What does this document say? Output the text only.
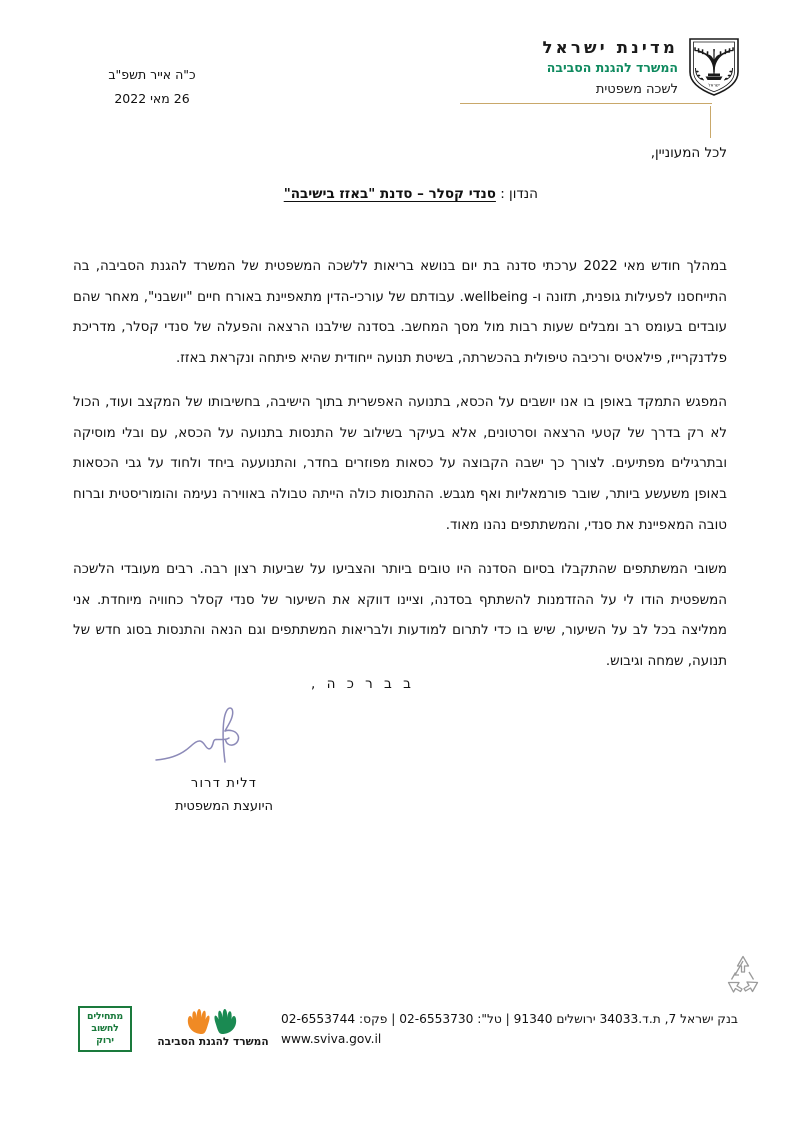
ישראל
מדינת ישראל
המשרד להגנת הסביבה
לשכה משפטית
כ"ה אייר תשפ"ב
26 מאי 2022
לכל המעוניין,
הנדון : סנדי קסלר – סדנת "באזז בישיבה"

במהלך חודש מאי 2022 ערכתי סדנה בת יום בנושא בריאות ללשכה המשפטית של המשרד להגנת הסביבה, בה התייחסנו לפעילות גופנית, תזונה ו- wellbeing. עבודתם של עורכי-הדין מתאפיינת באורח חיים "יושבני", מאחר שהם עובדים בעומס רב ומבלים שעות רבות מול מסך המחשב. בסדנה שילבנו הרצאה והפעלה של סנדי קסלר, מדריכת פלדנקרייז, פילאטיס ורכיבה טיפולית בהכשרתה, בשיטת תנועה ייחודית שהיא פיתחה ונקראת באזז.

המפגש התמקד באופן בו אנו יושבים על הכסא, בתנועה האפשרית בתוך הישיבה, בחשיבותו של המקצב ועוד, הכול לא רק בדרך של קטעי הרצאה וסרטונים, אלא בעיקר בשילוב של התנסות בתנועה על הכסא, עם ובלי מוסיקה ובתרגילים מפתיעים. לצורך כך ישבה הקבוצה על כסאות מפוזרים בחדר, והתנועעה ביחד ולחוד על גבי הכסאות באופן משעשע ביותר, שובר פורמאליות ואף מגבש. ההתנסות כולה הייתה טבולה באווירה נעימה והומוריסטית וברוח טובה המאפיינת את סנדי, והמשתתפים נהנו מאוד.

משובי המשתתפים שהתקבלו בסיום הסדנה היו טובים ביותר והצביעו על שביעות רצון רבה. רבים מעובדי הלשכה המשפטית הודו לי על ההזדמנות להשתתף בסדנה, וציינו דווקא את השיעור של סנדי קסלר כחוויה מיוחדת. אני ממליצה בכל לב על השיעור, שיש בו כדי לתרום למודעות ולבריאות המשתתפים וגם הנאה והתנסות בסוג חדש של תנועה, שמחה וגיבוש.

ב ב ר כ ה ,
דלית דרור
היועצת המשפטית
מתחילים
לחשוב
ירוק	המשרד להגנת הסביבה
בנק ישראל 7, ת.ד.34033 ירושלים 91340 | טל": 02-6553730 | פקס: 02-6553744
www.sviva.gov.il
